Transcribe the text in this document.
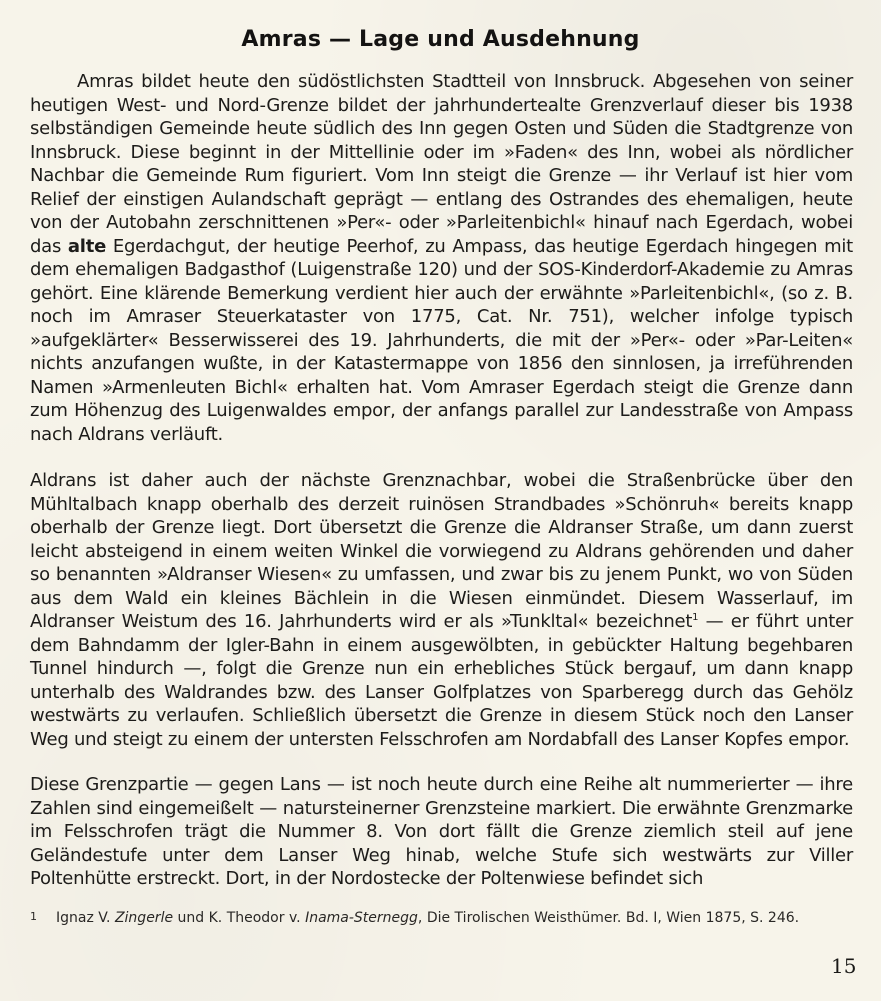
Amras — Lage und Ausdehnung

Amras bildet heute den südöstlichsten Stadtteil von Innsbruck. Abgesehen von seiner heutigen West- und Nord-Grenze bildet der jahrhundertealte Grenzverlauf dieser bis 1938 selbständigen Gemeinde heute südlich des Inn gegen Osten und Süden die Stadtgrenze von Innsbruck. Diese beginnt in der Mittellinie oder im »Faden« des Inn, wobei als nördlicher Nachbar die Gemeinde Rum figuriert. Vom Inn steigt die Grenze — ihr Verlauf ist hier vom Relief der einstigen Aulandschaft geprägt — entlang des Ostrandes des ehemaligen, heute von der Autobahn zerschnittenen »Per«- oder »Parleitenbichl« hinauf nach Egerdach, wobei das alte Egerdachgut, der heutige Peerhof, zu Ampass, das heutige Egerdach hingegen mit dem ehemaligen Badgasthof (Luigenstraße 120) und der SOS-Kinderdorf-Akademie zu Amras gehört. Eine klärende Bemerkung verdient hier auch der erwähnte »Parleitenbichl«, (so z. B. noch im Amraser Steuerkataster von 1775, Cat. Nr. 751), welcher infolge typisch »aufgeklärter« Besserwisserei des 19. Jahrhunderts, die mit der »Per«- oder »Par-Leiten« nichts anzufangen wußte, in der Katastermappe von 1856 den sinnlosen, ja irreführenden Namen »Armenleuten Bichl« erhalten hat. Vom Amraser Egerdach steigt die Grenze dann zum Höhenzug des Luigenwaldes empor, der anfangs parallel zur Landesstraße von Ampass nach Aldrans verläuft.

Aldrans ist daher auch der nächste Grenznachbar, wobei die Straßenbrücke über den Mühltalbach knapp oberhalb des derzeit ruinösen Strandbades »Schönruh« bereits knapp oberhalb der Grenze liegt. Dort übersetzt die Grenze die Aldranser Straße, um dann zuerst leicht absteigend in einem weiten Winkel die vorwiegend zu Aldrans gehörenden und daher so benannten »Aldranser Wiesen« zu umfassen, und zwar bis zu jenem Punkt, wo von Süden aus dem Wald ein kleines Bächlein in die Wiesen einmündet. Diesem Wasserlauf, im Aldranser Weistum des 16. Jahrhunderts wird er als »Tunkltal« bezeichnet$^1$ — er führt unter dem Bahndamm der Igler-Bahn in einem ausgewölbten, in gebückter Haltung begehbaren Tunnel hindurch —, folgt die Grenze nun ein erhebliches Stück bergauf, um dann knapp unterhalb des Waldrandes bzw. des Lanser Golfplatzes von Sparberegg durch das Gehölz westwärts zu verlaufen. Schließlich übersetzt die Grenze in diesem Stück noch den Lanser Weg und steigt zu einem der untersten Felsschrofen am Nordabfall des Lanser Kopfes empor.

Diese Grenzpartie — gegen Lans — ist noch heute durch eine Reihe alt nummerierter — ihre Zahlen sind eingemeißelt — natursteinerner Grenzsteine markiert. Die erwähnte Grenzmarke im Felsschrofen trägt die Nummer 8. Von dort fällt die Grenze ziemlich steil auf jene Geländestufe unter dem Lanser Weg hinab, welche Stufe sich westwärts zur Viller Poltenhütte erstreckt. Dort, in der Nordostecke der Poltenwiese befindet sich

1 Ignaz V. Zingerle und K. Theodor v. Inama-Sternegg, Die Tirolischen Weisthümer. Bd. I, Wien 1875, S. 246.
15
